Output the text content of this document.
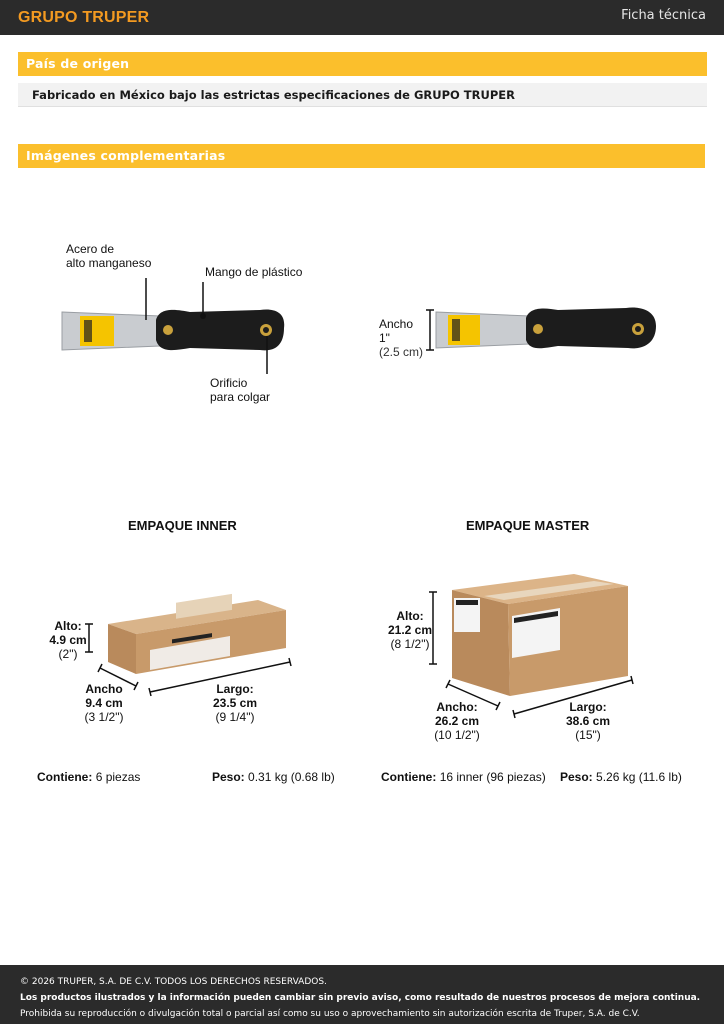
GRUPO TRUPER	Ficha técnica
País de origen
Fabricado en México bajo las estrictas especificaciones de GRUPO TRUPER
Imágenes complementarias
Acero de
alto manganeso
Mango de plástico
Orificio
para colgar
Ancho
1"
(2.5 cm)
EMPAQUE INNER
Alto:
4.9 cm
(2")
Ancho
9.4 cm
(3 1/2")
Largo:
23.5 cm
(9 1/4")
Contiene: 6 piezas	Peso: 0.31 kg (0.68 lb)
EMPAQUE MASTER
Alto:
21.2 cm
(8 1/2")
Ancho:
26.2 cm
(10 1/2")
Largo:
38.6 cm
(15")
Contiene: 16 inner (96 piezas) Peso: 5.26 kg (11.6 lb)
© 2026 TRUPER, S.A. DE C.V. TODOS LOS DERECHOS RESERVADOS.
Los productos ilustrados y la información pueden cambiar sin previo aviso, como resultado de nuestros procesos de mejora continua.
Prohibida su reproducción o divulgación total o parcial así como su uso o aprovechamiento sin autorización escrita de Truper, S.A. de C.V.
